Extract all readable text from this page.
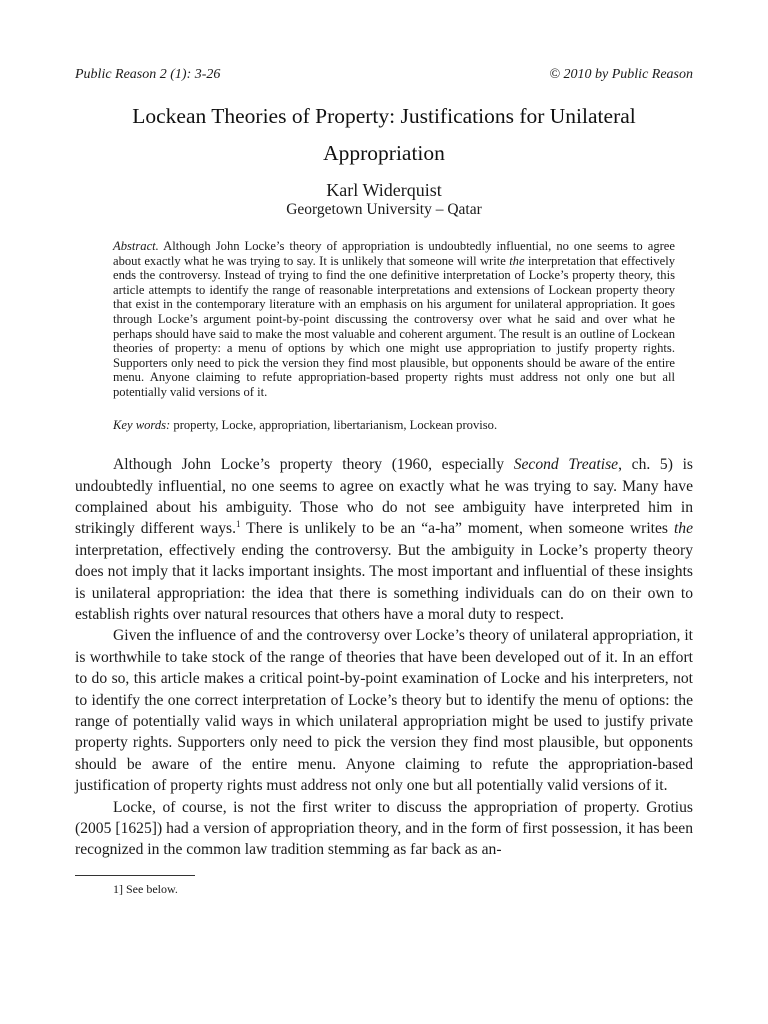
Public Reason 2 (1): 3-26	© 2010 by Public Reason
Lockean Theories of Property: Justifications for Unilateral Appropriation
Karl Widerquist
Georgetown University – Qatar
Abstract. Although John Locke’s theory of appropriation is undoubtedly influential, no one seems to agree about exactly what he was trying to say. It is unlikely that someone will write the interpretation that effectively ends the controversy. Instead of trying to find the one definitive interpretation of Locke’s property theory, this article attempts to identify the range of reasonable interpretations and extensions of Lockean property theory that exist in the contemporary literature with an emphasis on his argument for unilateral appropriation. It goes through Locke’s argument point-by-point discussing the controversy over what he said and over what he perhaps should have said to make the most valuable and coherent argument. The result is an outline of Lockean theories of property: a menu of options by which one might use appropriation to justify property rights. Supporters only need to pick the version they find most plausible, but opponents should be aware of the entire menu. Anyone claiming to refute appropriation-based property rights must address not only one but all potentially valid versions of it.
Key words: property, Locke, appropriation, libertarianism, Lockean proviso.

Although John Locke’s property theory (1960, especially Second Treatise, ch. 5) is undoubtedly influential, no one seems to agree on exactly what he was trying to say. Many have complained about his ambiguity. Those who do not see ambiguity have interpreted him in strikingly different ways.$^1$ There is unlikely to be an “a-ha” moment, when someone writes the interpretation, effectively ending the controversy. But the ambiguity in Locke’s property theory does not imply that it lacks important insights. The most important and influential of these insights is unilateral appropriation: the idea that there is something individuals can do on their own to establish rights over natural resources that others have a moral duty to respect.

Given the influence of and the controversy over Locke’s theory of unilateral appropriation, it is worthwhile to take stock of the range of theories that have been developed out of it. In an effort to do so, this article makes a critical point-by-point examination of Locke and his interpreters, not to identify the one correct interpretation of Locke’s theory but to identify the menu of options: the range of potentially valid ways in which unilateral appropriation might be used to justify private property rights. Supporters only need to pick the version they find most plausible, but opponents should be aware of the entire menu. Anyone claiming to refute the appropriation-based justification of property rights must address not only one but all potentially valid versions of it.

Locke, of course, is not the first writer to discuss the appropriation of property. Grotius (2005 [1625]) had a version of appropriation theory, and in the form of first possession, it has been recognized in the common law tradition stemming as far back as an-

1] See below.
